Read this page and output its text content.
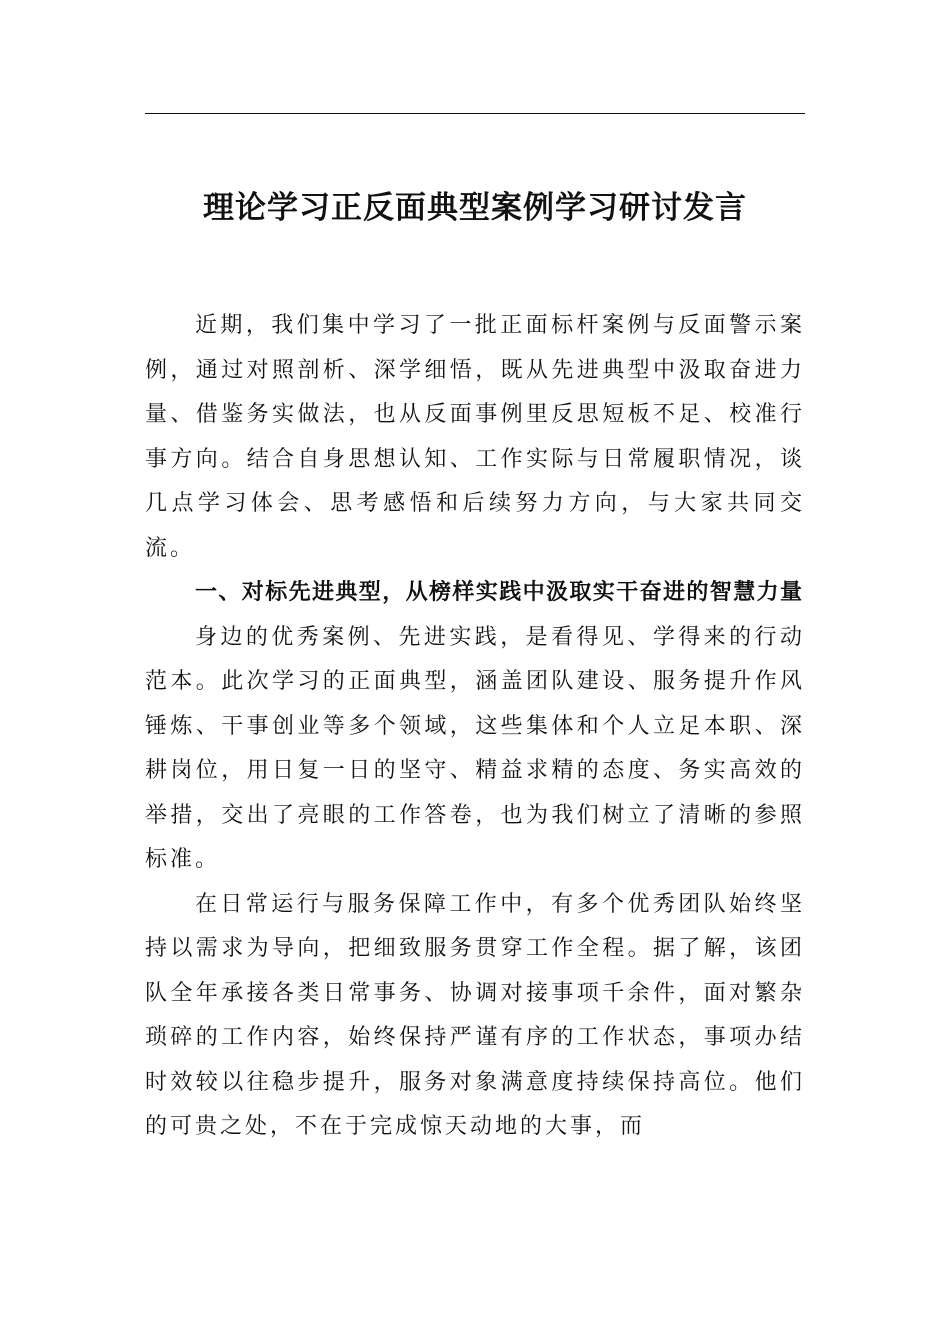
理论学习正反面典型案例学习研讨发言

近期，我们集中学习了一批正面标杆案例与反面警示案例，通过对照剖析、深学细悟，既从先进典型中汲取奋进力量、借鉴务实做法，也从反面事例里反思短板不足、校准行事方向。结合自身思想认知、工作实际与日常履职情况，谈几点学习体会、思考感悟和后续努力方向，与大家共同交流。

一、对标先进典型，从榜样实践中汲取实干奋进的智慧力量

身边的优秀案例、先进实践，是看得见、学得来的行动范本。此次学习的正面典型，涵盖团队建设、服务提升作风锤炼、干事创业等多个领域，这些集体和个人立足本职、深耕岗位，用日复一日的坚守、精益求精的态度、务实高效的举措，交出了亮眼的工作答卷，也为我们树立了清晰的参照标准。

在日常运行与服务保障工作中，有多个优秀团队始终坚持以需求为导向，把细致服务贯穿工作全程。据了解，该团队全年承接各类日常事务、协调对接事项千余件，面对繁杂琐碎的工作内容，始终保持严谨有序的工作状态，事项办结时效较以往稳步提升，服务对象满意度持续保持高位。他们的可贵之处，不在于完成惊天动地的大事，而
